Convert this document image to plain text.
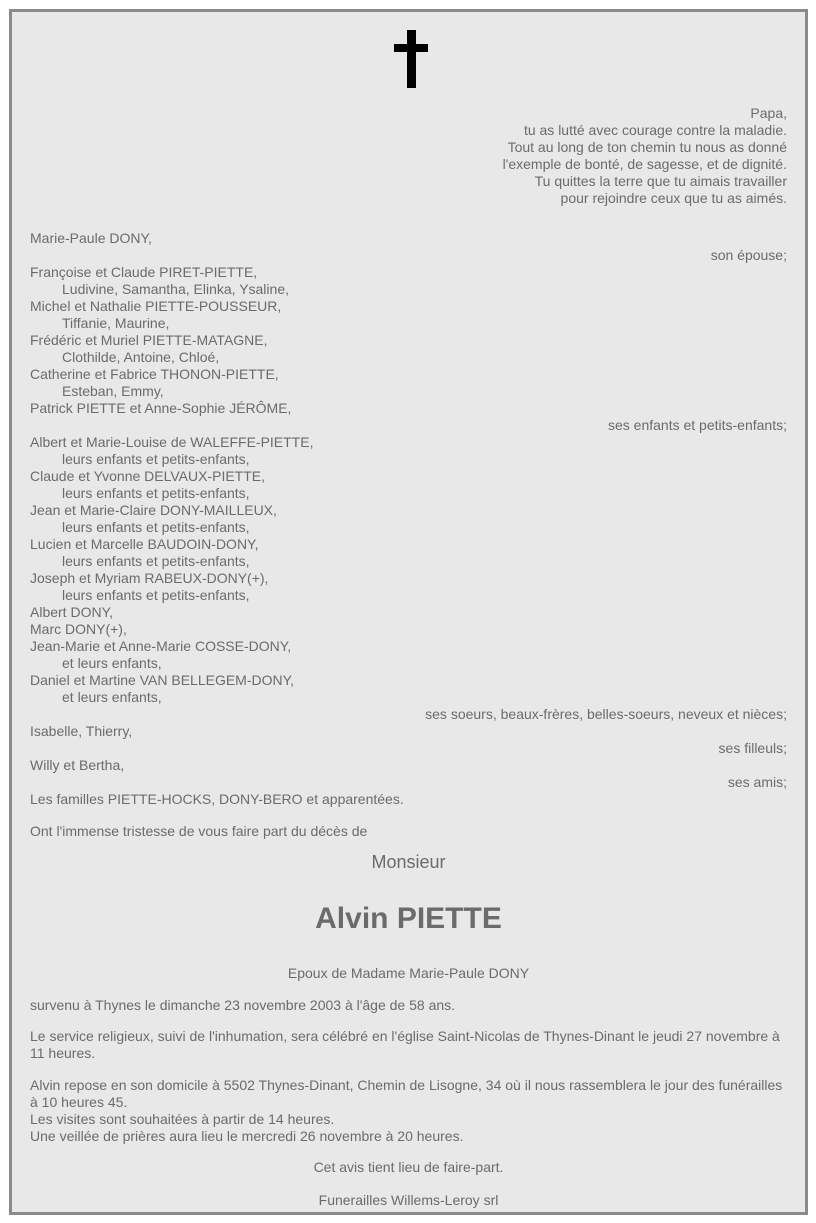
Papa,
tu as lutté avec courage contre la maladie.
Tout au long de ton chemin tu nous as donné
l'exemple de bonté, de sagesse, et de dignité.
Tu quittes la terre que tu aimais travailler
pour rejoindre ceux que tu as aimés.
Marie-Paule DONY,
son épouse;
Françoise et Claude PIRET-PIETTE,
Ludivine, Samantha, Elinka, Ysaline,
Michel et Nathalie PIETTE-POUSSEUR,
Tiffanie, Maurine,
Frédéric et Muriel PIETTE-MATAGNE,
Clothilde, Antoine, Chloé,
Catherine et Fabrice THONON-PIETTE,
Esteban, Emmy,
Patrick PIETTE et Anne-Sophie JÉRÔME,
ses enfants et petits-enfants;
Albert et Marie-Louise de WALEFFE-PIETTE,
leurs enfants et petits-enfants,
Claude et Yvonne DELVAUX-PIETTE,
leurs enfants et petits-enfants,
Jean et Marie-Claire DONY-MAILLEUX,
leurs enfants et petits-enfants,
Lucien et Marcelle BAUDOIN-DONY,
leurs enfants et petits-enfants,
Joseph et Myriam RABEUX-DONY(+),
leurs enfants et petits-enfants,
Albert DONY,
Marc DONY(+),
Jean-Marie et Anne-Marie COSSE-DONY,
et leurs enfants,
Daniel et Martine VAN BELLEGEM-DONY,
et leurs enfants,
ses soeurs, beaux-frères, belles-soeurs, neveux et nièces;
Isabelle, Thierry,
ses filleuls;
Willy et Bertha,
ses amis;
Les familles PIETTE-HOCKS, DONY-BERO et apparentées.
Ont l'immense tristesse de vous faire part du décès de
Monsieur
Alvin PIETTE
Epoux de Madame Marie-Paule DONY
survenu à Thynes le dimanche 23 novembre 2003 à l'âge de 58 ans.
Le service religieux, suivi de l'inhumation, sera célébré en l'église Saint-Nicolas de Thynes-Dinant le jeudi 27 novembre à 11 heures.
Alvin repose en son domicile à 5502 Thynes-Dinant, Chemin de Lisogne, 34 où il nous rassemblera le jour des funérailles à 10 heures 45.
Les visites sont souhaitées à partir de 14 heures.
Une veillée de prières aura lieu le mercredi 26 novembre à 20 heures.
Cet avis tient lieu de faire-part.
Funerailles Willems-Leroy srl
